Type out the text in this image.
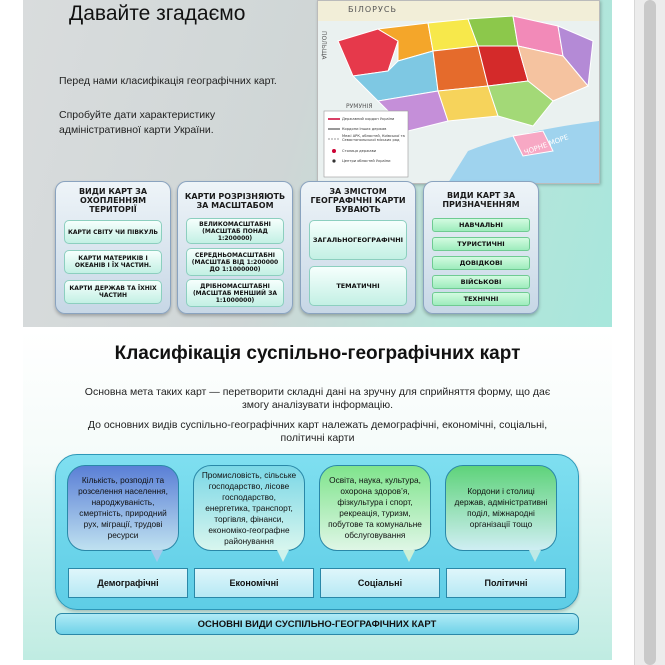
Давайте згадаємо
Перед нами класифікація географічних карт.
Спробуйте дати характеристику
адміністративної карти України.
БІЛОРУСЬ
ПОЛЬЩА
РУМУНІЯ
ЧОРНЕ МОРЕ
Державний кордон України
Кордони інших держав
Межі АРК, областей, Київської та Севастопольської міських рад
Столиця держави
Центри областей України
ВИДИ КАРТ ЗА ОХОПЛЕННЯМ ТЕРИТОРІЇ
КАРТИ СВІТУ ЧИ ПІВКУЛЬ
КАРТИ МАТЕРИКІВ І ОКЕАНІВ І ЇХ ЧАСТИН.
КАРТИ ДЕРЖАВ ТА ЇХНІХ ЧАСТИН
КАРТИ РОЗРІЗНЯЮТЬ ЗА МАСШТАБОМ
ВЕЛИКОМАСШТАБНІ (МАСШТАБ ПОНАД 1:200000)
СЕРЕДНЬОМАСШТАБНІ (МАСШТАБ ВІД 1:200000 ДО 1:1000000)
ДРІБНОМАСШТАБНІ (МАСШТАБ МЕНШИЙ ЗА 1:1000000)
ЗА ЗМІСТОМ ГЕОГРАФІЧНІ КАРТИ БУВАЮТЬ
ЗАГАЛЬНОГЕОГРАФІЧНІ
ТЕМАТИЧНІ
ВИДИ КАРТ ЗА ПРИЗНАЧЕННЯМ
НАВЧАЛЬНІ
ТУРИСТИЧНІ
ДОВІДКОВІ
ВІЙСЬКОВІ
ТЕХНІЧНІ
Класифікація суспільно-географічних карт
Основна мета таких карт — перетворити складні дані на зручну для сприйняття форму, що дає
змогу аналізувати інформацію.
До основних видів суспільно-географічних карт належать демографічні, економічні, соціальні,
політичні карти
Кількість, розподіл та розселення населення, народжуваність, смертність, природний рух, міграції, трудові ресурси
Промисловість, сільське господарство, лісове господарство, енергетика, транспорт, торгівля, фінанси, економіко-географне районування
Освіта, наука, культура, охорона здоров’я, фізкультура і спорт, рекреація, туризм, побутове та комунальне обслуговування
Кордони і столиці держав, адміністративні поділ, міжнародні організації тощо
Демографічні	Економічні	Соціальні	Політичні
ОСНОВНІ ВИДИ СУСПІЛЬНО-ГЕОГРАФІЧНИХ КАРТ
